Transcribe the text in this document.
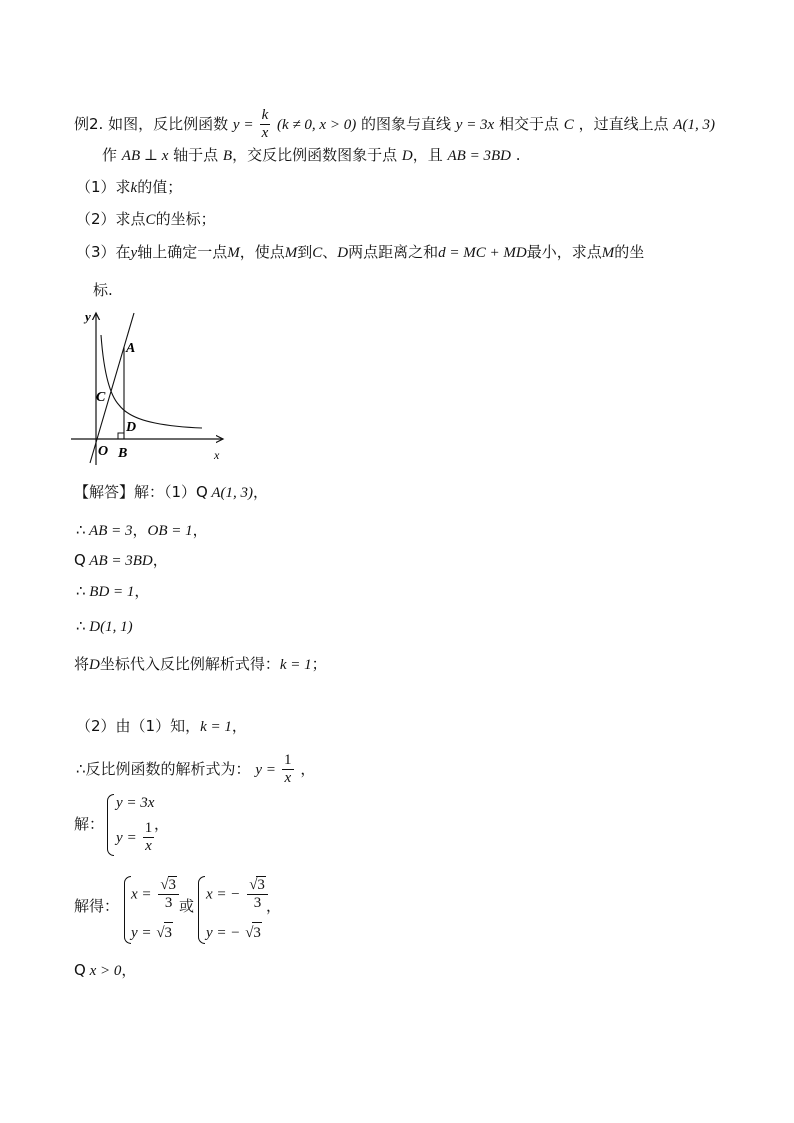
例2. 如图，反比例函数 $y = \frac{k}{x} (k \ne 0$, x > 0) 的图象与直线 y = 3x 相交于点 C ，过直线上点 A(1, 3)
作 AB ⊥ x 轴于点 B，交反比例函数图象于点 D，且 AB = 3BD .
（1）求k的值；
（2）求点C的坐标；
（3）在y轴上确定一点M，使点M到C、D两点距离之和d = MC + MD最小，求点M的坐
标.
y
x
A
C
D
O B
【解答】解：（1）Q A(1, 3)，
∴ AB = 3，OB = 1，
Q AB = 3BD，
∴ BD = 1，
∴ D(1, 1)
将D坐标代入反比例解析式得：k = 1；
（2）由（1）知，k = 1，
∴反比例函数的解析式为： $y = \frac{1}{x}$ ，
解：
y = 3x
$y = \frac{1}{x}$ ，
解得：
$x = \frac{√3}{3}$
y = √3
或
x = − $\frac{√3}{3}$
y = − √3
，
Q x > 0，
